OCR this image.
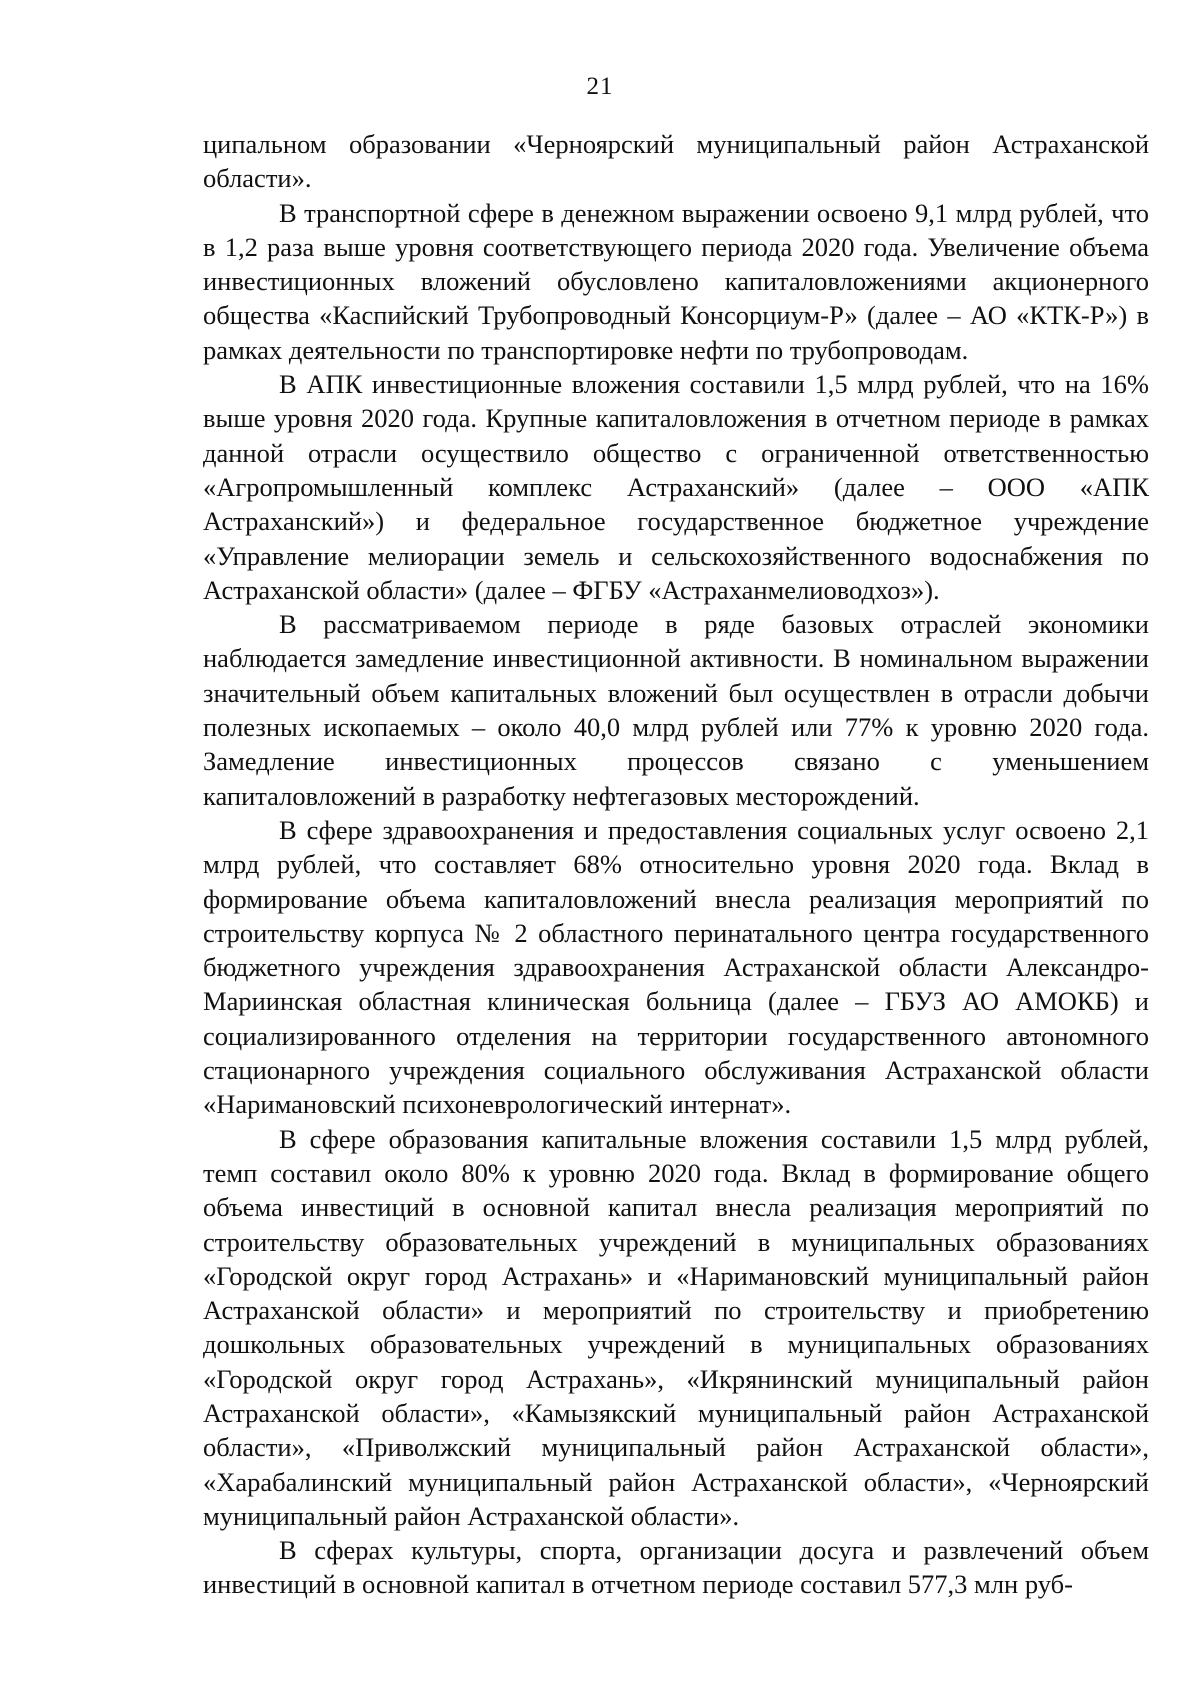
21

ципальном образовании «Черноярский муниципальный район Астраханской области».

В транспортной сфере в денежном выражении освоено 9,1 млрд рублей, что в 1,2 раза выше уровня соответствующего периода 2020 года. Увеличение объема инвестиционных вложений обусловлено капиталовложениями акционерного общества «Каспийский Трубопроводный Консорциум-Р» (далее – АО «КТК-Р») в рамках деятельности по транспортировке нефти по трубопроводам.

В АПК инвестиционные вложения составили 1,5 млрд рублей, что на 16% выше уровня 2020 года. Крупные капиталовложения в отчетном периоде в рамках данной отрасли осуществило общество с ограниченной ответственностью «Агропромышленный комплекс Астраханский» (далее – ООО «АПК Астраханский») и федеральное государственное бюджетное учреждение «Управление мелиорации земель и сельскохозяйственного водоснабжения по Астраханской области» (далее – ФГБУ «Астраханмелиоводхоз»).

В рассматриваемом периоде в ряде базовых отраслей экономики наблюдается замедление инвестиционной активности. В номинальном выражении значительный объем капитальных вложений был осуществлен в отрасли добычи полезных ископаемых – около 40,0 млрд рублей или 77% к уровню 2020 года. Замедление инвестиционных процессов связано с уменьшением капиталовложений в разработку нефтегазовых месторождений.

В сфере здравоохранения и предоставления социальных услуг освоено 2,1 млрд рублей, что составляет 68% относительно уровня 2020 года. Вклад в формирование объема капиталовложений внесла реализация мероприятий по строительству корпуса № 2 областного перинатального центра государственного бюджетного учреждения здравоохранения Астраханской области Александро-Мариинская областная клиническая больница (далее – ГБУЗ АО АМОКБ) и социализированного отделения на территории государственного автономного стационарного учреждения социального обслуживания Астраханской области «Наримановский психоневрологический интернат».

В сфере образования капитальные вложения составили 1,5 млрд рублей, темп составил около 80% к уровню 2020 года. Вклад в формирование общего объема инвестиций в основной капитал внесла реализация мероприятий по строительству образовательных учреждений в муниципальных образованиях «Городской округ город Астрахань» и «Наримановский муниципальный район Астраханской области» и мероприятий по строительству и приобретению дошкольных образовательных учреждений в муниципальных образованиях «Городской округ город Астрахань», «Икрянинский муниципальный район Астраханской области», «Камызякский муниципальный район Астраханской области», «Приволжский муниципальный район Астраханской области», «Харабалинский муниципальный район Астраханской области», «Черноярский муниципальный район Астраханской области».

В сферах культуры, спорта, организации досуга и развлечений объем инвестиций в основной капитал в отчетном периоде составил 577,3 млн руб-
